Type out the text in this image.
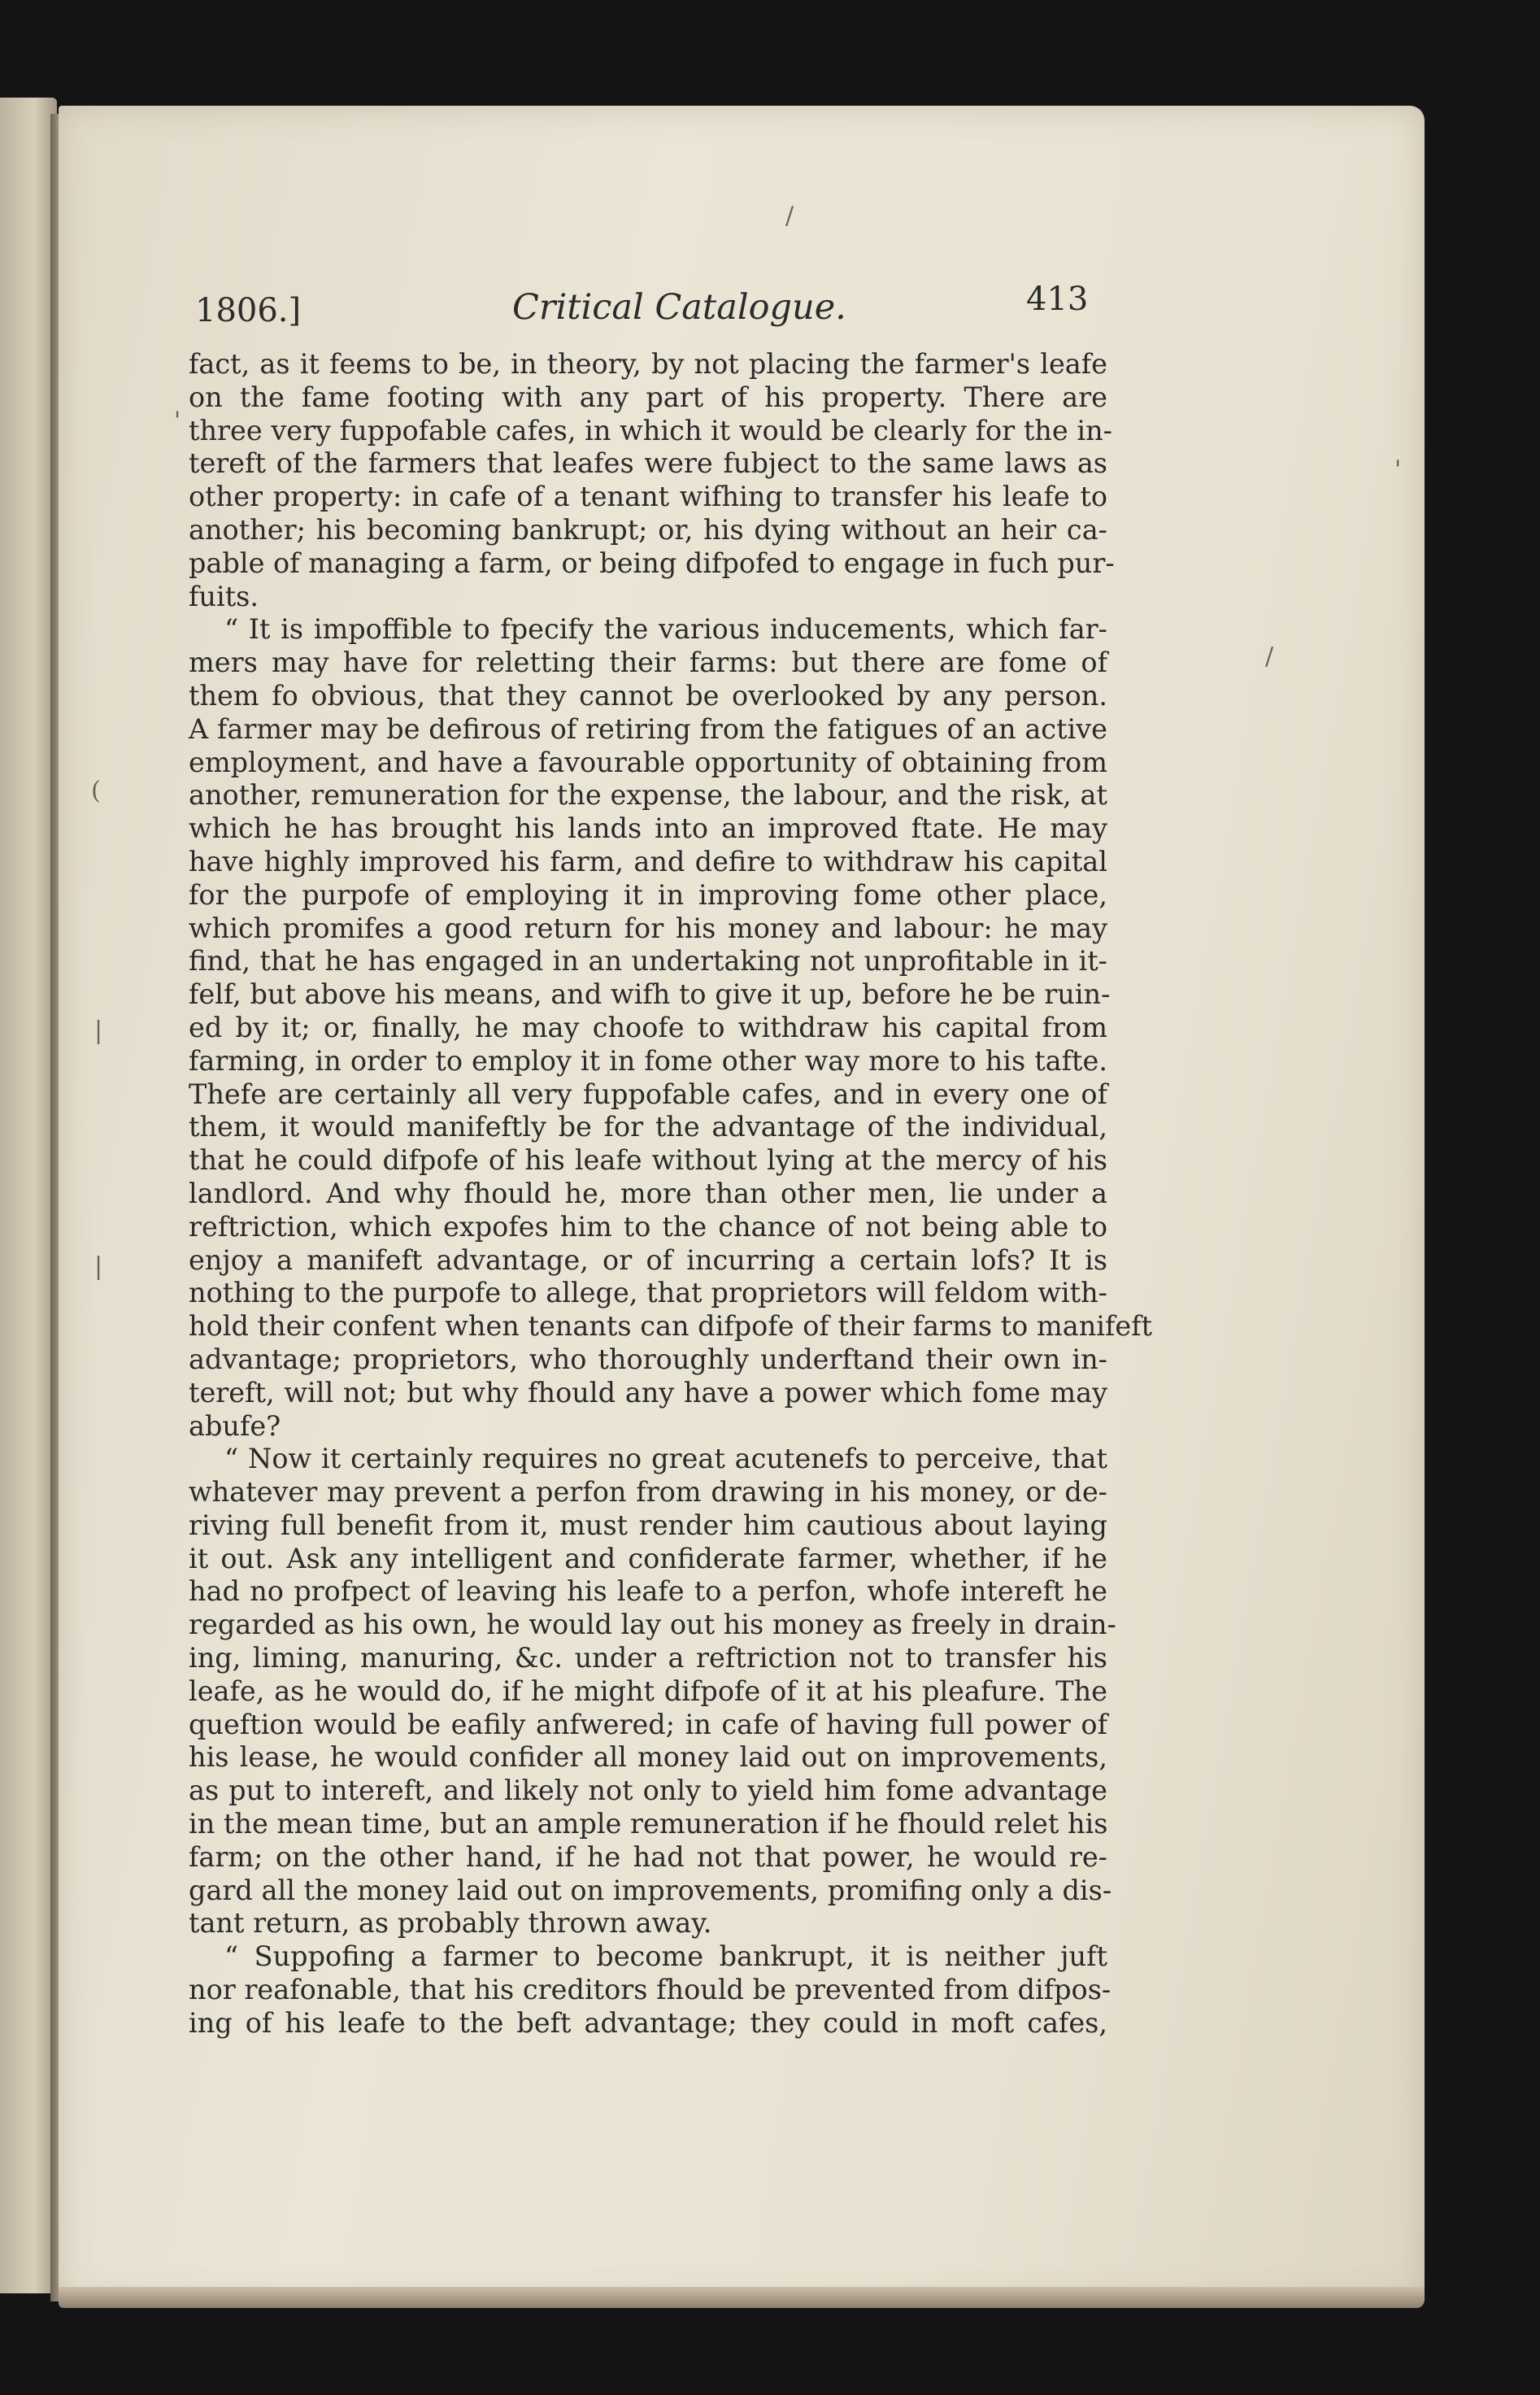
/
/
'
'
(
|
|
1806.]	Critical Catalogue.	413
fact, as it feems to be, in theory, by not placing the farmer's leafe
on the fame footing with any part of his property. There are
three very fuppofable cafes, in which it would be clearly for the in-
tereft of the farmers that leafes were fubject to the same laws as
other property: in cafe of a tenant wifhing to transfer his leafe to
another; his becoming bankrupt; or, his dying without an heir ca-
pable of managing a farm, or being difpofed to engage in fuch pur-
fuits.
“ It is impoffible to fpecify the various inducements, which far-
mers may have for reletting their farms: but there are fome of
them fo obvious, that they cannot be overlooked by any person.
A farmer may be defirous of retiring from the fatigues of an active
employment, and have a favourable opportunity of obtaining from
another, remuneration for the expense, the labour, and the risk, at
which he has brought his lands into an improved ftate. He may
have highly improved his farm, and defire to withdraw his capital
for the purpofe of employing it in improving fome other place,
which promifes a good return for his money and labour: he may
find, that he has engaged in an undertaking not unprofitable in it-
felf, but above his means, and wifh to give it up, before he be ruin-
ed by it; or, finally, he may choofe to withdraw his capital from
farming, in order to employ it in fome other way more to his tafte.
Thefe are certainly all very fuppofable cafes, and in every one of
them, it would manifeftly be for the advantage of the individual,
that he could difpofe of his leafe without lying at the mercy of his
landlord. And why fhould he, more than other men, lie under a
reftriction, which expofes him to the chance of not being able to
enjoy a manifeft advantage, or of incurring a certain lofs? It is
nothing to the purpofe to allege, that proprietors will feldom with-
hold their confent when tenants can difpofe of their farms to manifeft
advantage; proprietors, who thoroughly underftand their own in-
tereft, will not; but why fhould any have a power which fome may
abufe?
“ Now it certainly requires no great acutenefs to perceive, that
whatever may prevent a perfon from drawing in his money, or de-
riving full benefit from it, must render him cautious about laying
it out. Ask any intelligent and confiderate farmer, whether, if he
had no profpect of leaving his leafe to a perfon, whofe intereft he
regarded as his own, he would lay out his money as freely in drain-
ing, liming, manuring, &c. under a reftriction not to transfer his
leafe, as he would do, if he might difpofe of it at his pleafure. The
queftion would be eafily anfwered; in cafe of having full power of
his lease, he would confider all money laid out on improvements,
as put to intereft, and likely not only to yield him fome advantage
in the mean time, but an ample remuneration if he fhould relet his
farm; on the other hand, if he had not that power, he would re-
gard all the money laid out on improvements, promifing only a dis-
tant return, as probably thrown away.
“ Suppofing a farmer to become bankrupt, it is neither juft
nor reafonable, that his creditors fhould be prevented from difpos-
ing of his leafe to the beft advantage; they could in moft cafes,
